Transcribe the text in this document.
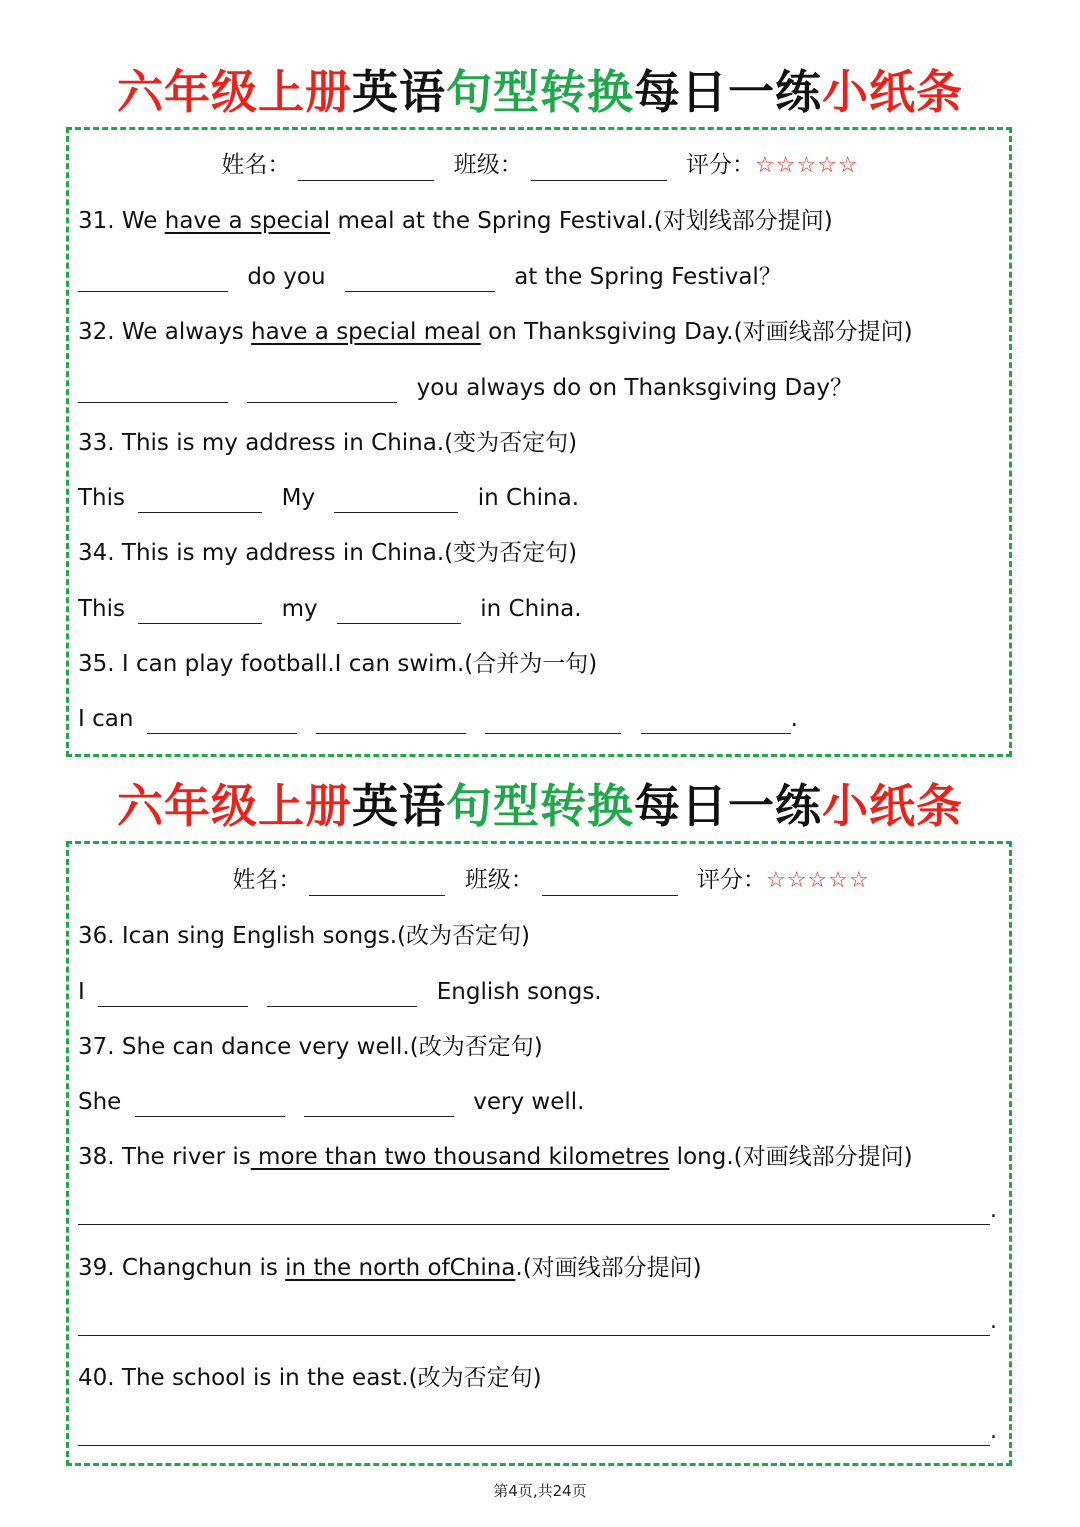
六年级上册英语句型转换每日一练小纸条
姓名：	班级：	评分：☆☆☆☆☆
31. We have a special meal at the Spring Festival.(对划线部分提问)
do you	at the Spring Festival？
32. We always have a special meal on Thanksgiving Day.(对画线部分提问)
you always do on Thanksgiving Day？
33. This is my address in China.(变为否定句)
This	My	in China.
34. This is my address in China.(变为否定句)
This	my	in China.
35. I can play football.I can swim.(合并为一句)
I can	.
六年级上册英语句型转换每日一练小纸条
姓名：	班级：	评分：☆☆☆☆☆
36. Ican sing English songs.(改为否定句)
I	English songs.
37. She can dance very well.(改为否定句)
She	very well.
38. The river is more than two thousand kilometres long.(对画线部分提问)
.
39. Changchun is in the north ofChina.(对画线部分提问)
.
40. The school is in the east.(改为否定句)
.
第4页,共24页
